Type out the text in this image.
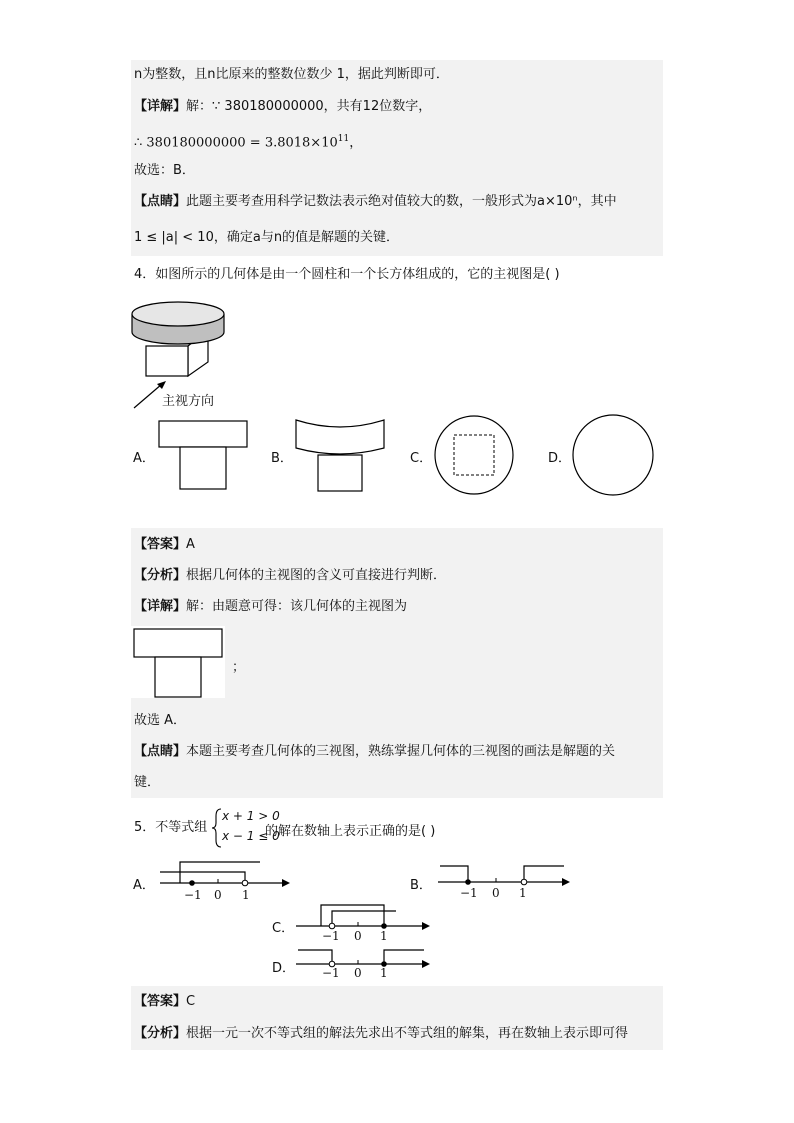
n为整数，且n比原来的整数位数少 1，据此判断即可．
【详解】解：∵ 380180000000，共有12位数字，
∴ $380180000000 = 3.8018\times 10^{11}$，
故选：B．
【点睛】此题主要考查用科学记数法表示绝对值较大的数，一般形式为a×10ⁿ，其中
1 ≤ |a| < 10，确定a与n的值是解题的关键．
4．如图所示的几何体是由一个圆柱和一个长方体组成的，它的主视图是( )
主视方向
A．	B．	C．	D．
【答案】A
【分析】根据几何体的主视图的含义可直接进行判断．
【详解】解：由题意可得：该几何体的主视图为
；
故选 A．
【点睛】本题主要考查几何体的三视图，熟练掌握几何体的三视图的画法是解题的关
键．
5．不等式组
x + 1 > 0
x − 1 ≤ 0
的解在数轴上表示正确的是( )
A．
−1 0 1
B． −1 0 1
C． −1 0 1
D． −1 0 1
【答案】C
【分析】根据一元一次不等式组的解法先求出不等式组的解集，再在数轴上表示即可得
